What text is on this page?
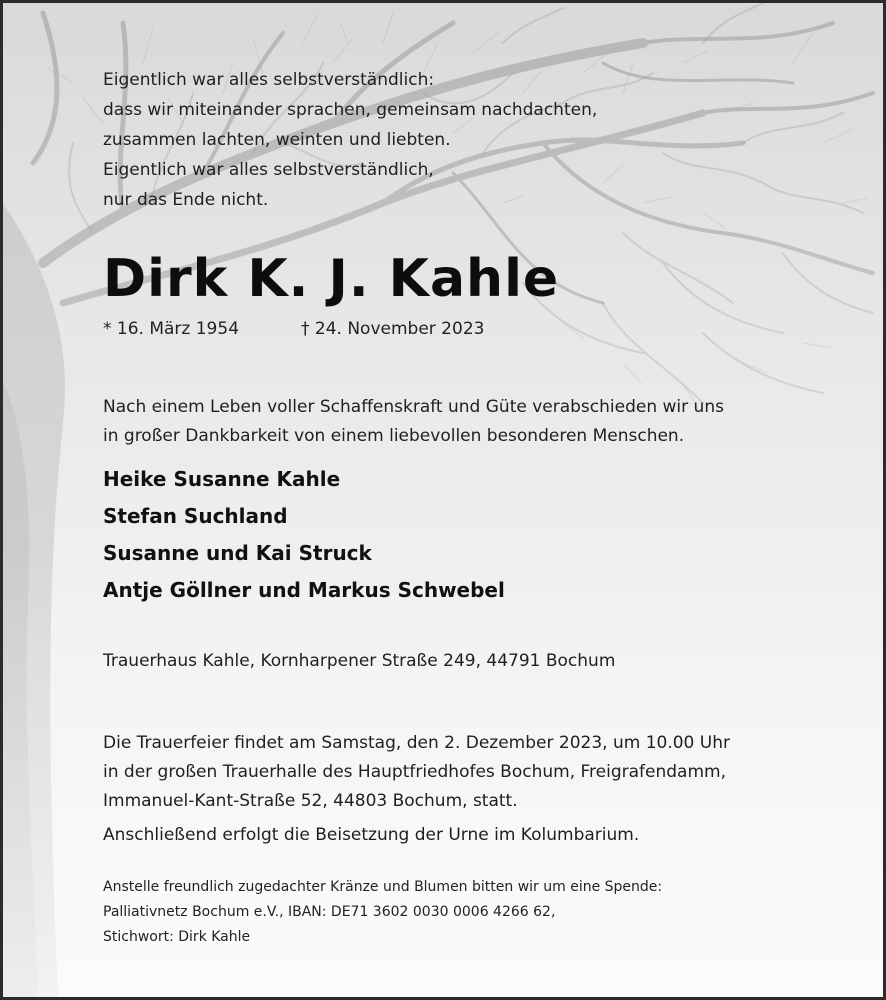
Eigentlich war alles selbstverständlich:
dass wir miteinander sprachen, gemeinsam nachdachten,
zusammen lachten, weinten und liebten.
Eigentlich war alles selbstverständlich,
nur das Ende nicht.
Dirk K. J. Kahle
* 16. März 1954	† 24. November 2023
Nach einem Leben voller Schaffenskraft und Güte verabschieden wir uns
in großer Dankbarkeit von einem liebevollen besonderen Menschen.
Heike Susanne Kahle
Stefan Suchland
Susanne und Kai Struck
Antje Göllner und Markus Schwebel
Trauerhaus Kahle, Kornharpener Straße 249, 44791 Bochum
Die Trauerfeier findet am Samstag, den 2. Dezember 2023, um 10.00 Uhr
in der großen Trauerhalle des Hauptfriedhofes Bochum, Freigrafendamm,
Immanuel-Kant-Straße 52, 44803 Bochum, statt.
Anschließend erfolgt die Beisetzung der Urne im Kolumbarium.
Anstelle freundlich zugedachter Kränze und Blumen bitten wir um eine Spende:
Palliativnetz Bochum e.V., IBAN: DE71 3602 0030 0006 4266 62,
Stichwort: Dirk Kahle
